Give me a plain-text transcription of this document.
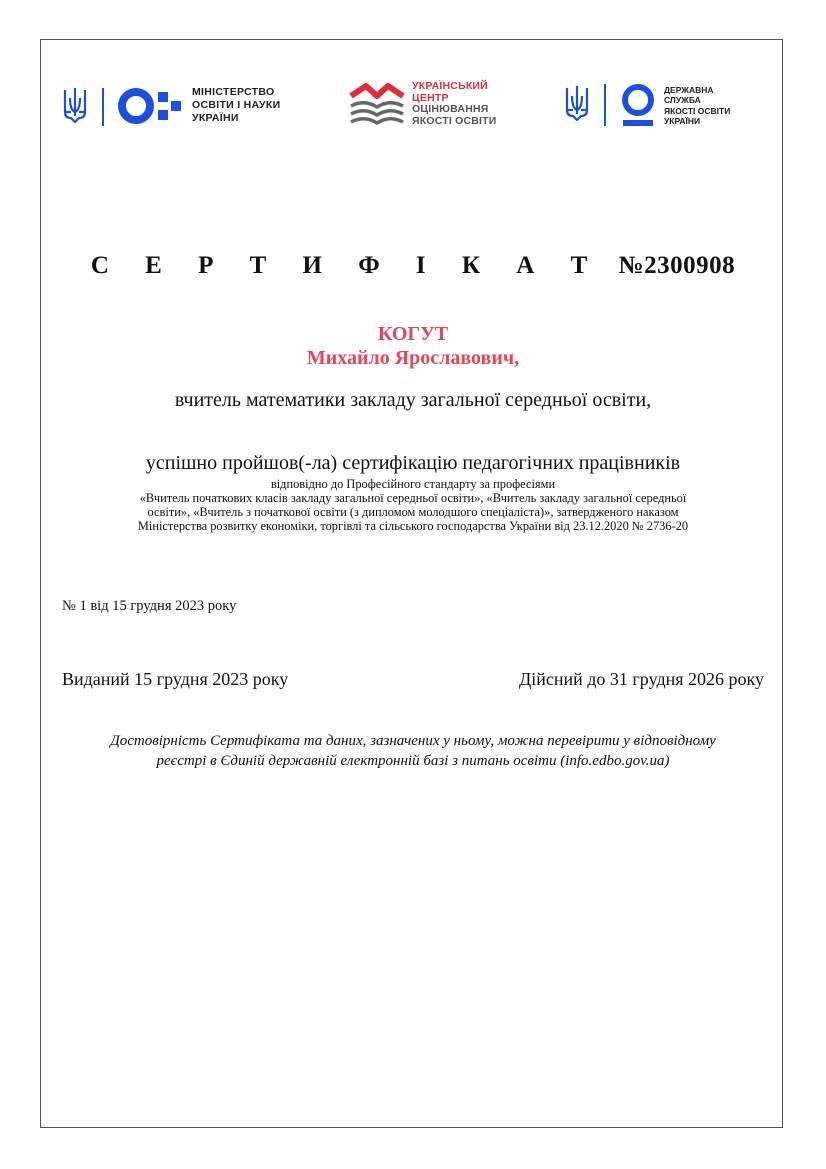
МІНІСТЕРСТВО
ОСВІТИ І НАУКИ
УКРАЇНИ
УКРАЇНСЬКИЙ
ЦЕНТР
ОЦІНЮВАННЯ
ЯКОСТІ ОСВІТИ
ДЕРЖАВНА
СЛУЖБА
ЯКОСТІ ОСВІТИ
УКРАЇНИ
С Е Р Т И Ф І К А Т №2300908
КОГУТ
Михайло Ярославович,
вчитель математики закладу загальної середньої освіти,
успішно пройшов(-ла) сертифікацію педагогічних працівників
відповідно до Професійного стандарту за професіями
«Вчитель початкових класів закладу загальної середньої освіти», «Вчитель закладу загальної середньої
освіти», «Вчитель з початкової освіти (з дипломом молодшого спеціаліста)», затвердженого наказом
Міністерства розвитку економіки, торгівлі та сільського господарства України від 23.12.2020 № 2736-20
№ 1 від 15 грудня 2023 року
Виданий 15 грудня 2023 року	Дійсний до 31 грудня 2026 року
Достовірність Сертифіката та даних, зазначених у ньому, можна перевірити у відповідному
реєстрі в Єдиній державній електронній базі з питань освіти (info.edbo.gov.ua)
